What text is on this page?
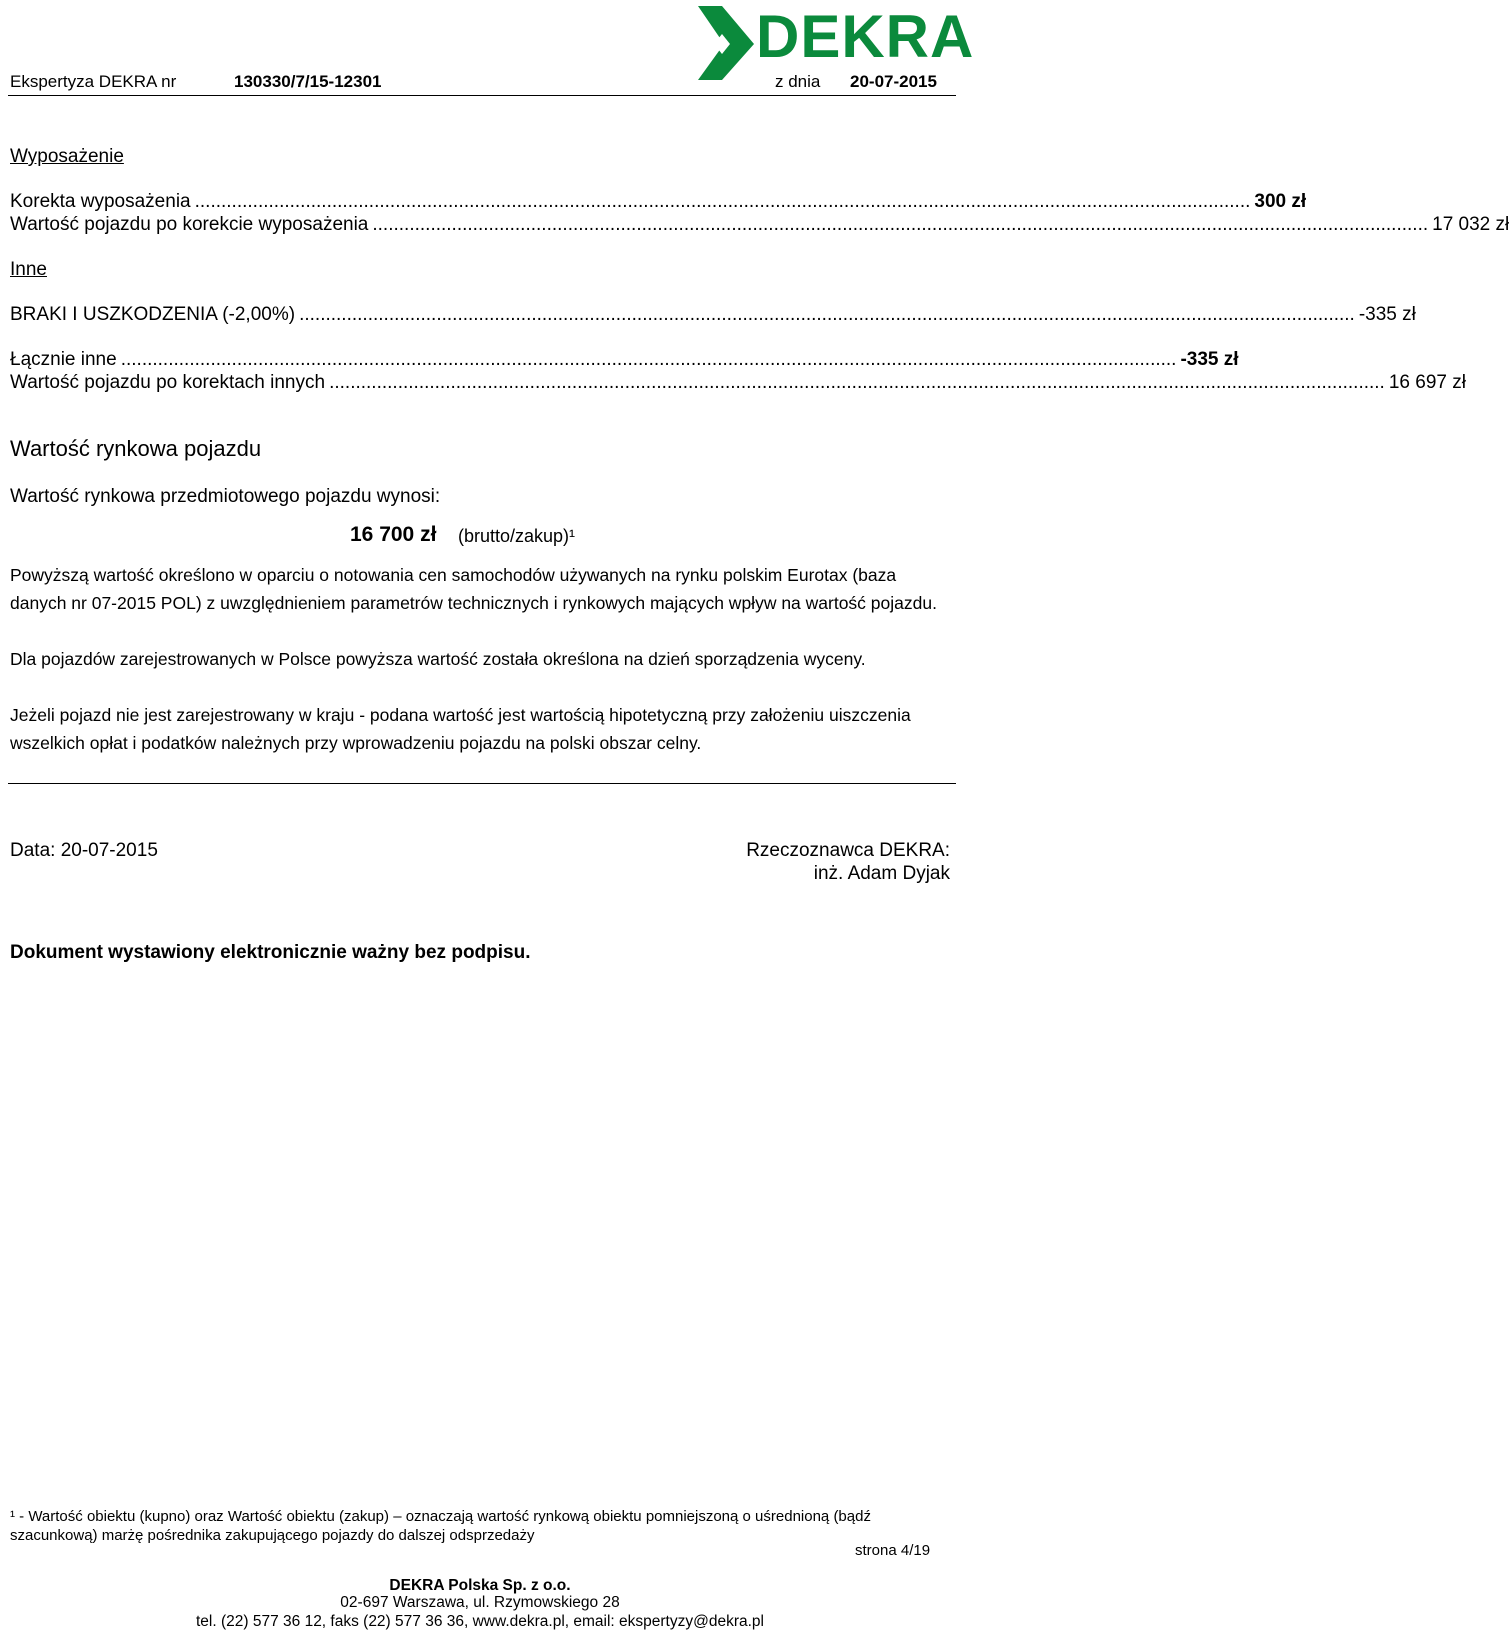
Ekspertyza DEKRA nr	130330/7/15-12301	z dnia 20-07-2015
DEKRA
Wyposażenie
Korekta wyposażenia ........................................................................................................................................................................................................ 300 zł
Wartość pojazdu po korekcie wyposażenia ........................................................................................................................................................................................................ 17 032 zł
Inne
BRAKI I USZKODZENIA (-2,00%) ........................................................................................................................................................................................................ -335 zł
Łącznie inne ........................................................................................................................................................................................................ -335 zł
Wartość pojazdu po korektach innych ........................................................................................................................................................................................................ 16 697 zł
Wartość rynkowa pojazdu
Wartość rynkowa przedmiotowego pojazdu wynosi:
16 700 zł (brutto/zakup)¹
Powyższą wartość określono w oparciu o notowania cen samochodów używanych na rynku polskim Eurotax (baza danych nr 07-2015 POL) z uwzględnieniem parametrów technicznych i rynkowych mających wpływ na wartość pojazdu.
Dla pojazdów zarejestrowanych w Polsce powyższa wartość została określona na dzień sporządzenia wyceny.
Jeżeli pojazd nie jest zarejestrowany w kraju - podana wartość jest wartością hipotetyczną przy założeniu uiszczenia wszelkich opłat i podatków należnych przy wprowadzeniu pojazdu na polski obszar celny.
Data: 20-07-2015	Rzeczoznawca DEKRA:
inż. Adam Dyjak
Dokument wystawiony elektronicznie ważny bez podpisu.
¹ - Wartość obiektu (kupno) oraz Wartość obiektu (zakup) – oznaczają wartość rynkową obiektu pomniejszoną o uśrednioną (bądź szacunkową) marżę pośrednika zakupującego pojazdy do dalszej odsprzedaży
strona 4/19
DEKRA Polska Sp. z o.o.
02-697 Warszawa, ul. Rzymowskiego 28
tel. (22) 577 36 12, faks (22) 577 36 36, www.dekra.pl, email: ekspertyzy@dekra.pl
